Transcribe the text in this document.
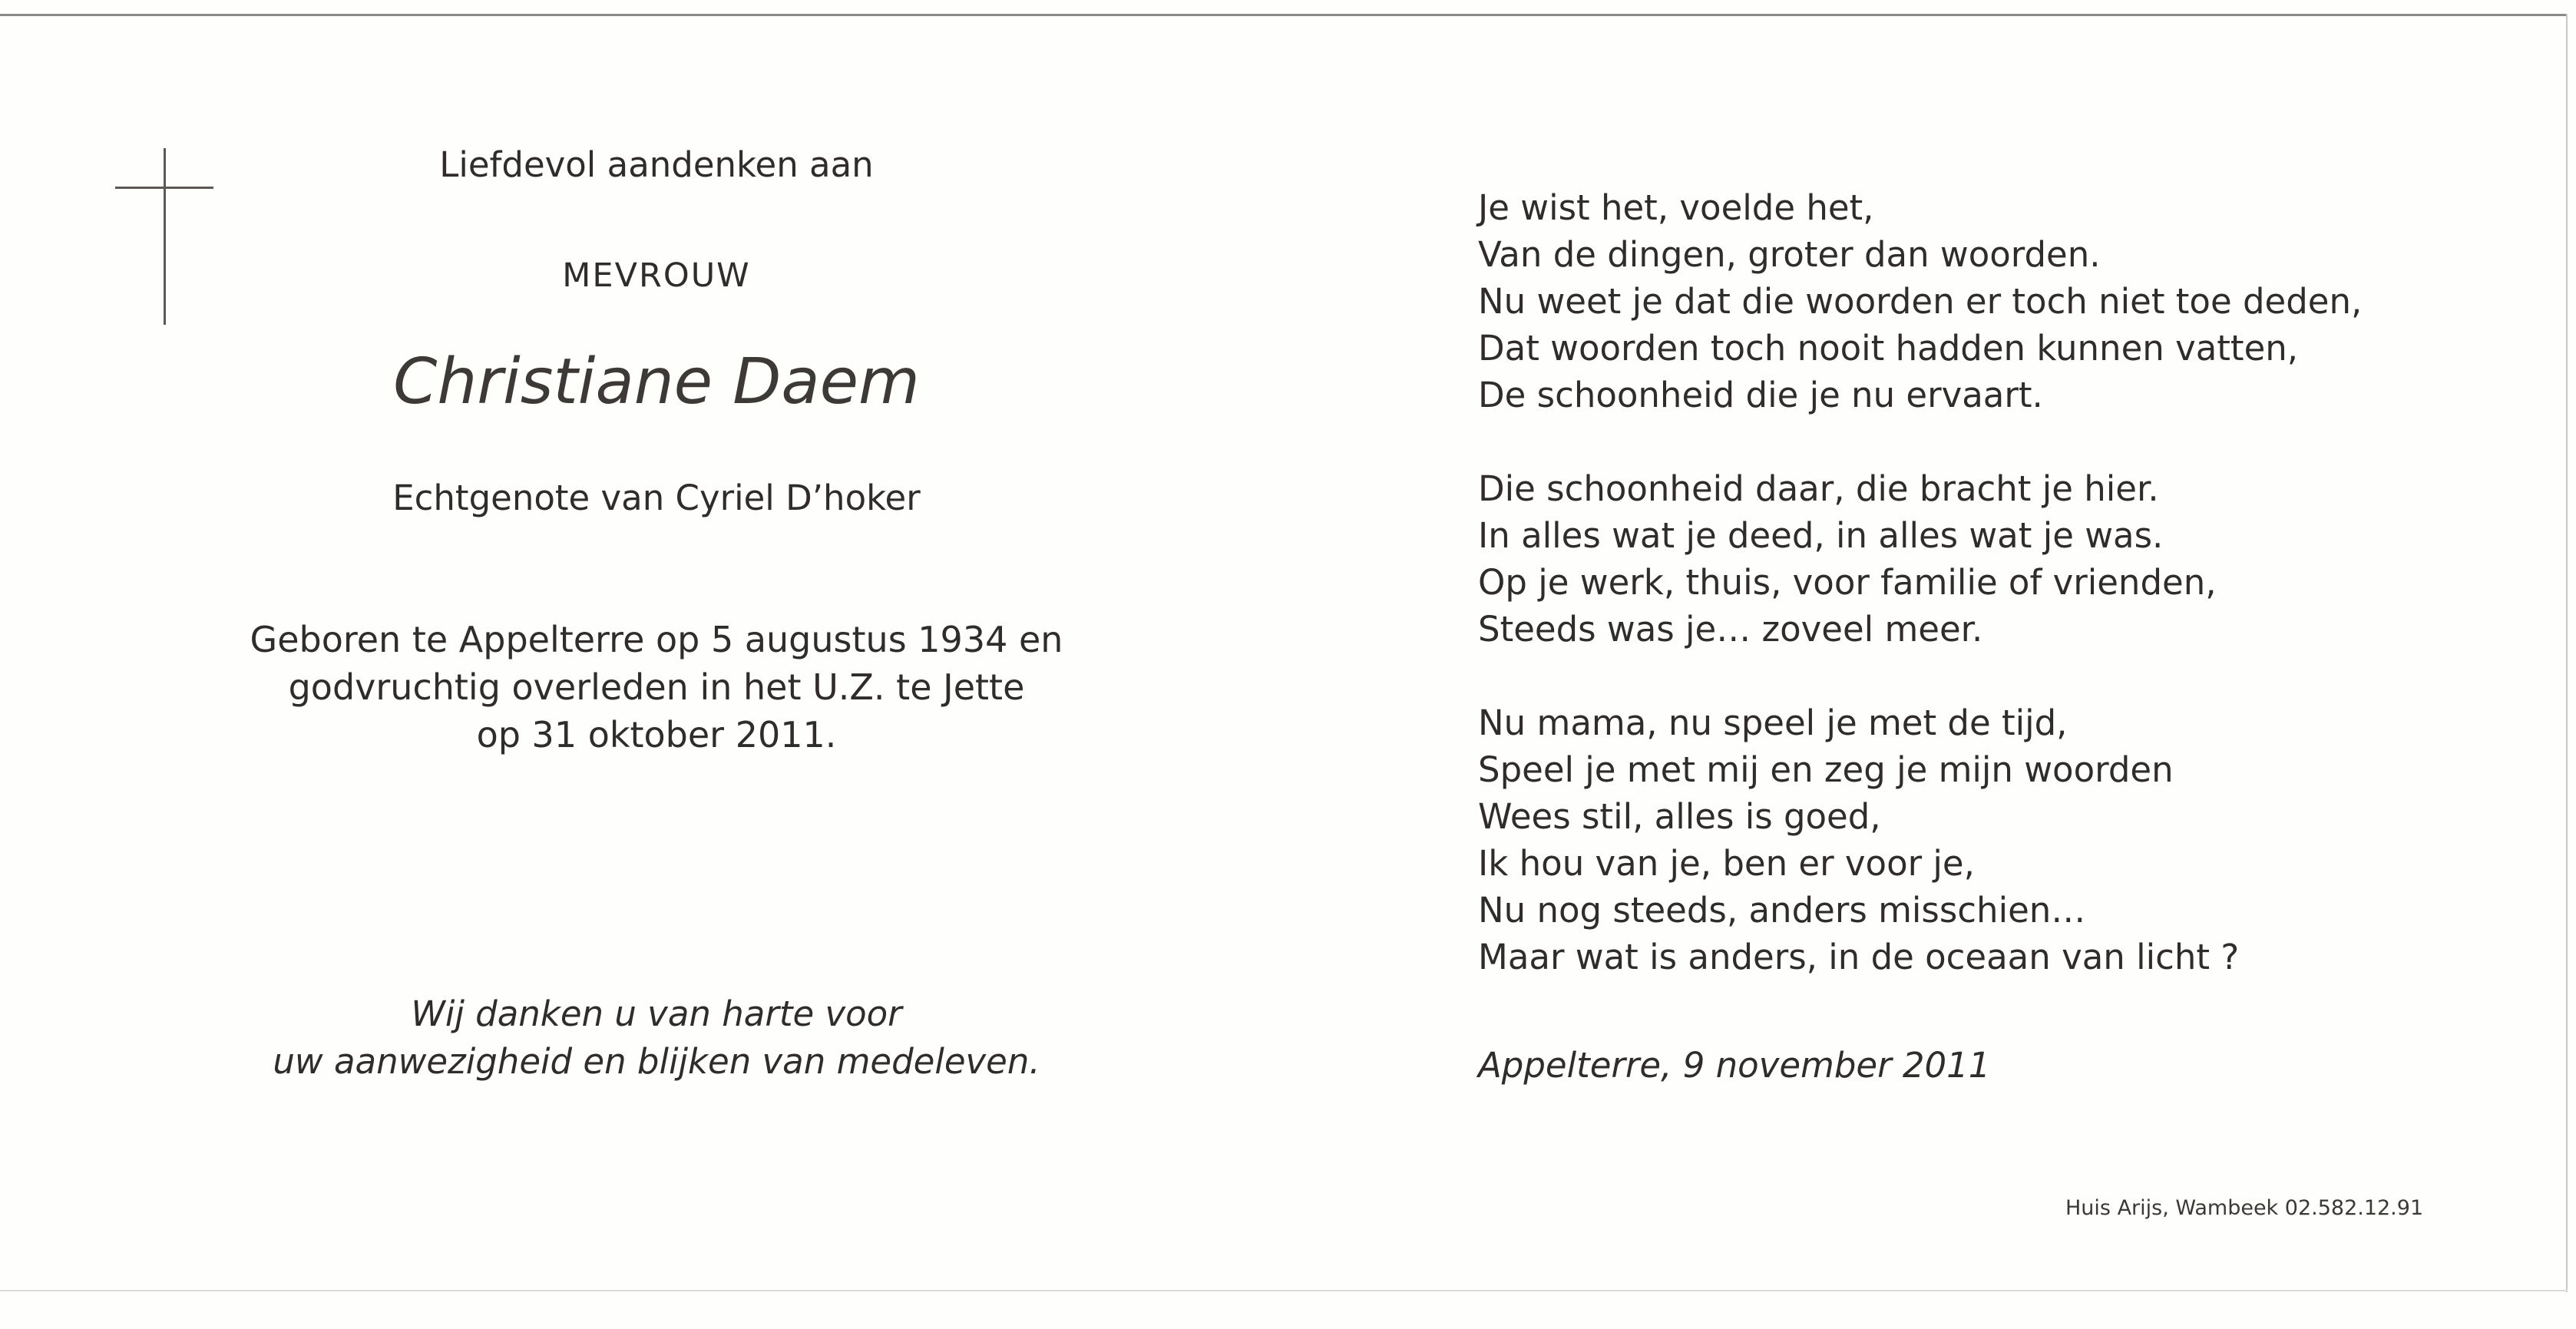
Liefdevol aandenken aan
MEVROUW
Christiane Daem
Echtgenote van Cyriel D’hoker
Geboren te Appelterre op 5 augustus 1934 en
godvruchtig overleden in het U.Z. te Jette
op 31 oktober 2011.
Wij danken u van harte voor
uw aanwezigheid en blijken van medeleven.
Je wist het, voelde het,
Van de dingen, groter dan woorden.
Nu weet je dat die woorden er toch niet toe deden,
Dat woorden toch nooit hadden kunnen vatten,
De schoonheid die je nu ervaart.
Die schoonheid daar, die bracht je hier.
In alles wat je deed, in alles wat je was.
Op je werk, thuis, voor familie of vrienden,
Steeds was je… zoveel meer.
Nu mama, nu speel je met de tijd,
Speel je met mij en zeg je mijn woorden
Wees stil, alles is goed,
Ik hou van je, ben er voor je,
Nu nog steeds, anders misschien…
Maar wat is anders, in de oceaan van licht ?
Appelterre, 9 november 2011
Huis Arijs, Wambeek 02.582.12.91
